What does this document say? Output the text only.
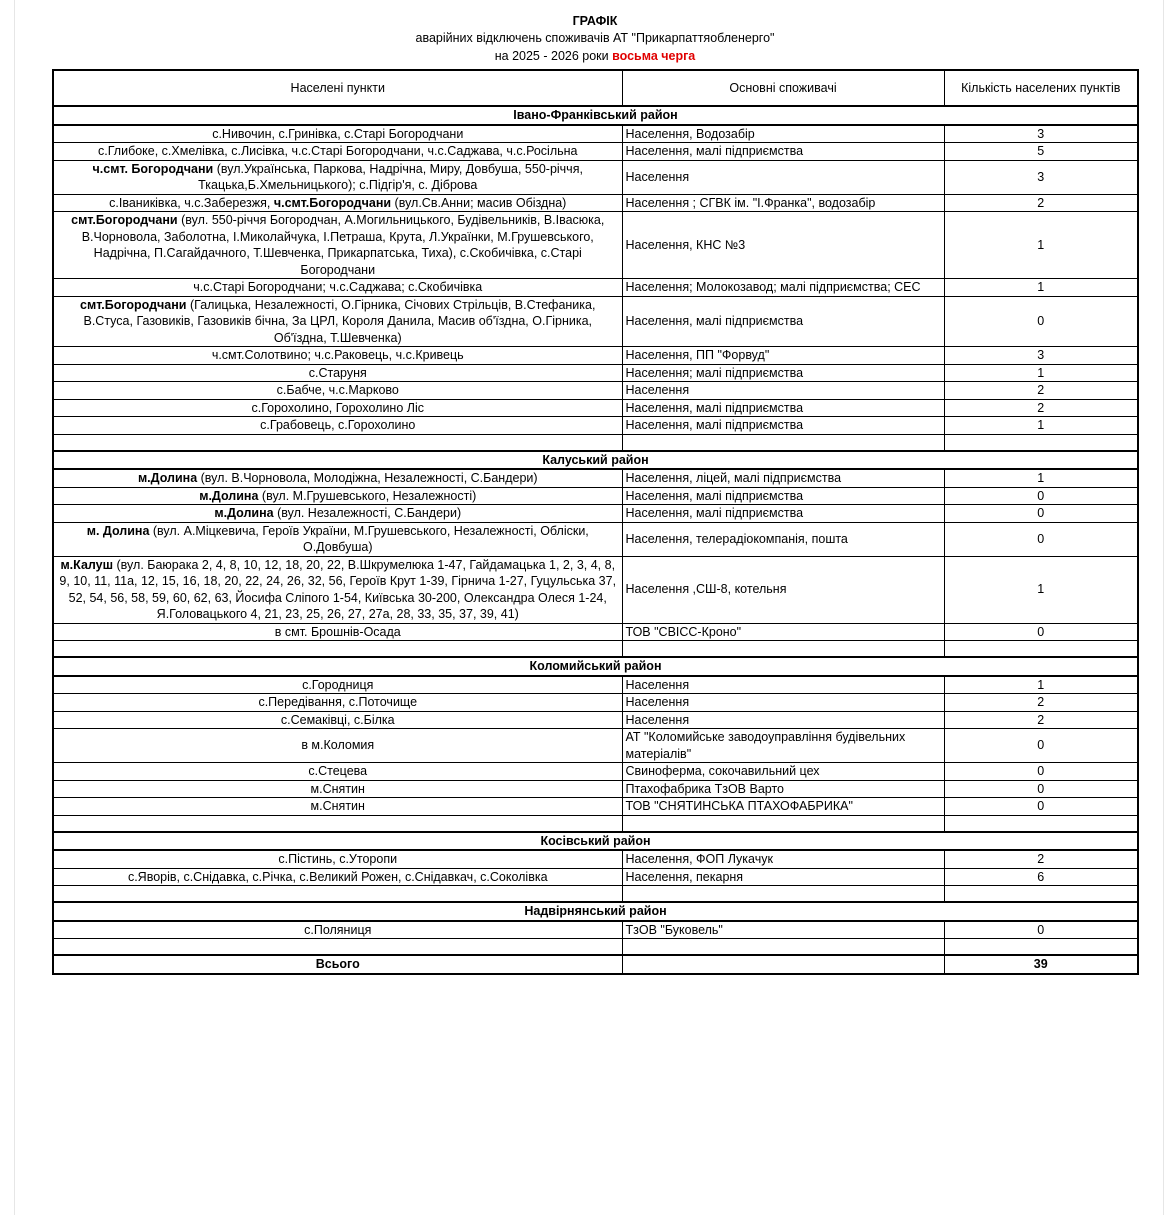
ГРАФІК
аварійних відключень споживачів АТ "Прикарпаттяобленерго"
на 2025 - 2026 роки восьма черга
Населені пункти	Основні споживачі	Кількість населених пунктів
Івано-Франківський район		
с.Нивочин, с.Гринівка, с.Старі Богородчани	Населення, Водозабір	3
с.Глибоке, с.Хмелівка, с.Лисівка, ч.с.Старі Богородчани, ч.с.Саджава, ч.с.Росільна	Населення, малі підприємства	5
ч.смт. Богородчани (вул.Українська, Паркова, Надрічна, Миру, Довбуша, 550-річчя, Ткацька,Б.Хмельницького); с.Підгір'я, с. Діброва	Населення	3
с.Іваниківка, ч.с.Заберезжя, ч.смт.Богородчани (вул.Св.Анни; масив Обіздна)	Населення ; СГВК ім. "І.Франка", водозабір	2
смт.Богородчани (вул. 550-річчя Богородчан, А.Могильницького, Будівельників, В.Івасюка, В.Чорновола, Заболотна, І.Миколайчука, І.Петраша, Крута, Л.Українки, М.Грушевського, Надрічна, П.Сагайдачного, Т.Шевченка, Прикарпатська, Тиха), с.Скобичівка, с.Старі Богородчани	Населення, КНС №3	1
ч.с.Старі Богородчани; ч.с.Саджава; с.Скобичівка	Населення; Молокозавод; малі підприємства; СЕС	1
смт.Богородчани (Галицька, Незалежності, О.Гірника, Січових Стрільців, В.Стефаника, В.Стуса, Газовиків, Газовиків бічна, За ЦРЛ, Короля Данила, Масив об'їздна, О.Гірника, Об'їздна, Т.Шевченка)	Населення, малі підприємства	0
ч.смт.Солотвино; ч.с.Раковець, ч.с.Кривець	Населення, ПП "Форвуд"	3
с.Старуня	Населення; малі підприємства	1
с.Бабче, ч.с.Марково	Населення	2
с.Горохолино, Горохолино Ліс	Населення, малі підприємства	2
с.Грабовець, с.Горохолино	Населення, малі підприємства	1

Калуський район		
м.Долина (вул. В.Чорновола, Молодіжна, Незалежності, С.Бандери)	Населення, ліцей, малі підприємства	1
м.Долина (вул. М.Грушевського, Незалежності)	Населення, малі підприємства	0
м.Долина (вул. Незалежності, С.Бандери)	Населення, малі підприємства	0
м. Долина (вул. А.Міцкевича, Героїв України, М.Грушевського, Незалежності, Обліски, О.Довбуша)	Населення, телерадіокомпанія, пошта	0
м.Калуш (вул. Баюрака 2, 4, 8, 10, 12, 18, 20, 22, В.Шкрумелюка 1-47, Гайдамацька 1, 2, 3, 4, 8, 9, 10, 11, 11а, 12, 15, 16, 18, 20, 22, 24, 26, 32, 56, Героїв Крут 1-39, Гірнича 1-27, Гуцульська 37, 52, 54, 56, 58, 59, 60, 62, 63, Йосифа Сліпого 1-54, Київська 30-200, Олександра Олеся 1-24, Я.Головацького 4, 21, 23, 25, 26, 27, 27а, 28, 33, 35, 37, 39, 41)	Населення ,СШ-8, котельня	1
в смт. Брошнів-Осада	ТОВ "СВІСС-Кроно"	0

Коломийський район		
с.Городниця	Населення	1
с.Передівання, с.Поточище	Населення	2
с.Семаківці, с.Білка	Населення	2
в м.Коломия	АТ "Коломийське заводоуправління будівельних матеріалів"	0
с.Стецева	Свиноферма, сокочавильний цех	0
м.Снятин	Птахофабрика ТзОВ Варто	0
м.Снятин	ТОВ "СНЯТИНСЬКА ПТАХОФАБРИКА"	0

Косівський район		
с.Пістинь, с.Уторопи	Населення, ФОП Лукачук	2
с.Яворів, с.Снідавка, с.Річка, с.Великий Рожен, с.Снідавкач, с.Соколівка	Населення, пекарня	6

Надвірнянський район		
с.Поляниця	ТзОВ "Буковель"	0

Всього		39
